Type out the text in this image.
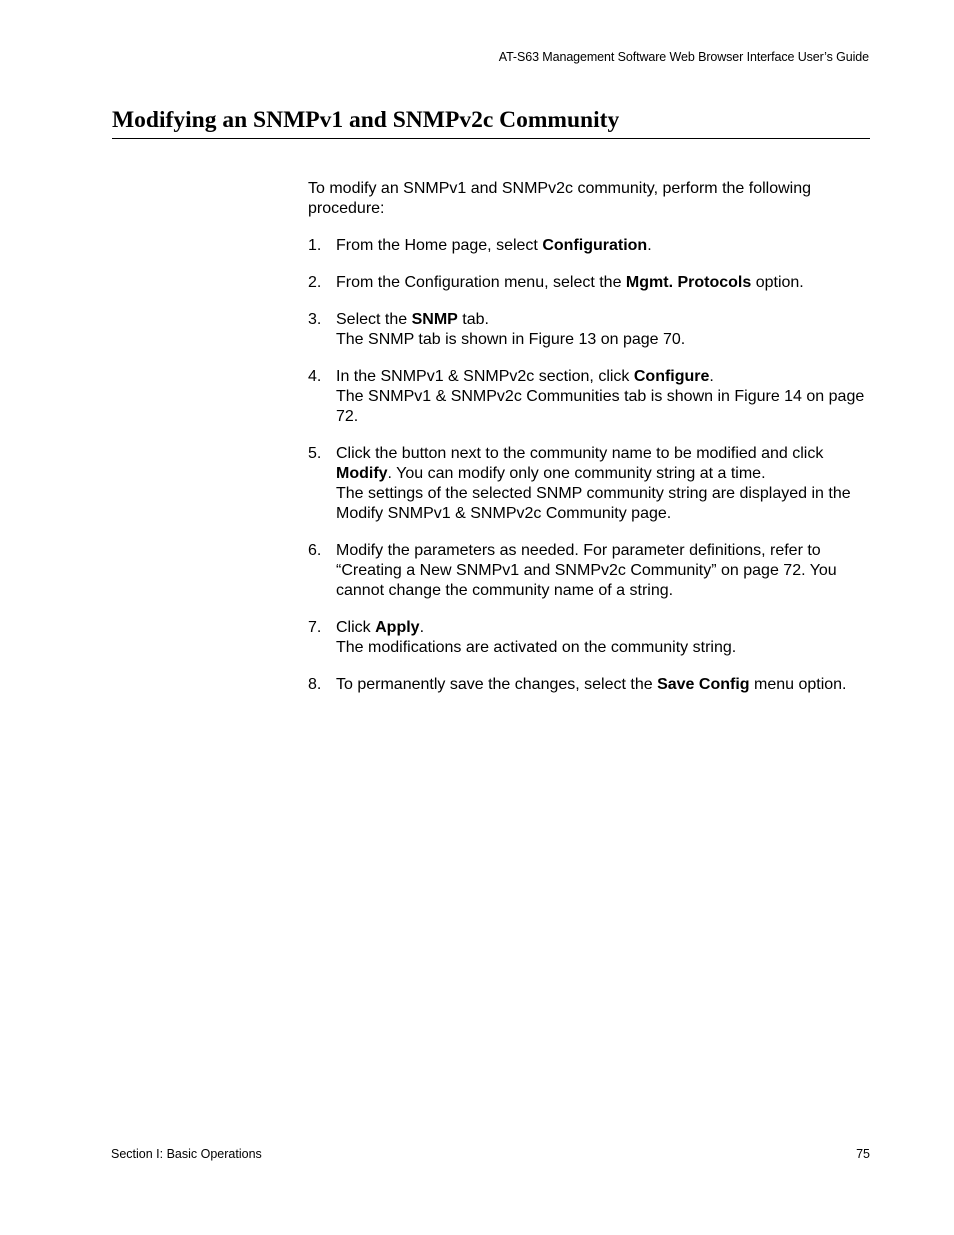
AT-S63 Management Software Web Browser Interface User’s Guide
Modifying an SNMPv1 and SNMPv2c Community

To modify an SNMPv1 and SNMPv2c community, perform the following procedure:

1. From the Home page, select Configuration.

2. From the Configuration menu, select the Mgmt. Protocols option.

3. Select the SNMP tab.

The SNMP tab is shown in Figure 13 on page 70.

4. In the SNMPv1 & SNMPv2c section, click Configure.

The SNMPv1 & SNMPv2c Communities tab is shown in Figure 14 on page 72.

5. Click the button next to the community name to be modified and click Modify. You can modify only one community string at a time.

The settings of the selected SNMP community string are displayed in the Modify SNMPv1 & SNMPv2c Community page.

6. Modify the parameters as needed. For parameter definitions, refer to “Creating a New SNMPv1 and SNMPv2c Community” on page 72. You cannot change the community name of a string.

7. Click Apply.

The modifications are activated on the community string.

8. To permanently save the changes, select the Save Config menu option.

Section I: Basic Operations	75
